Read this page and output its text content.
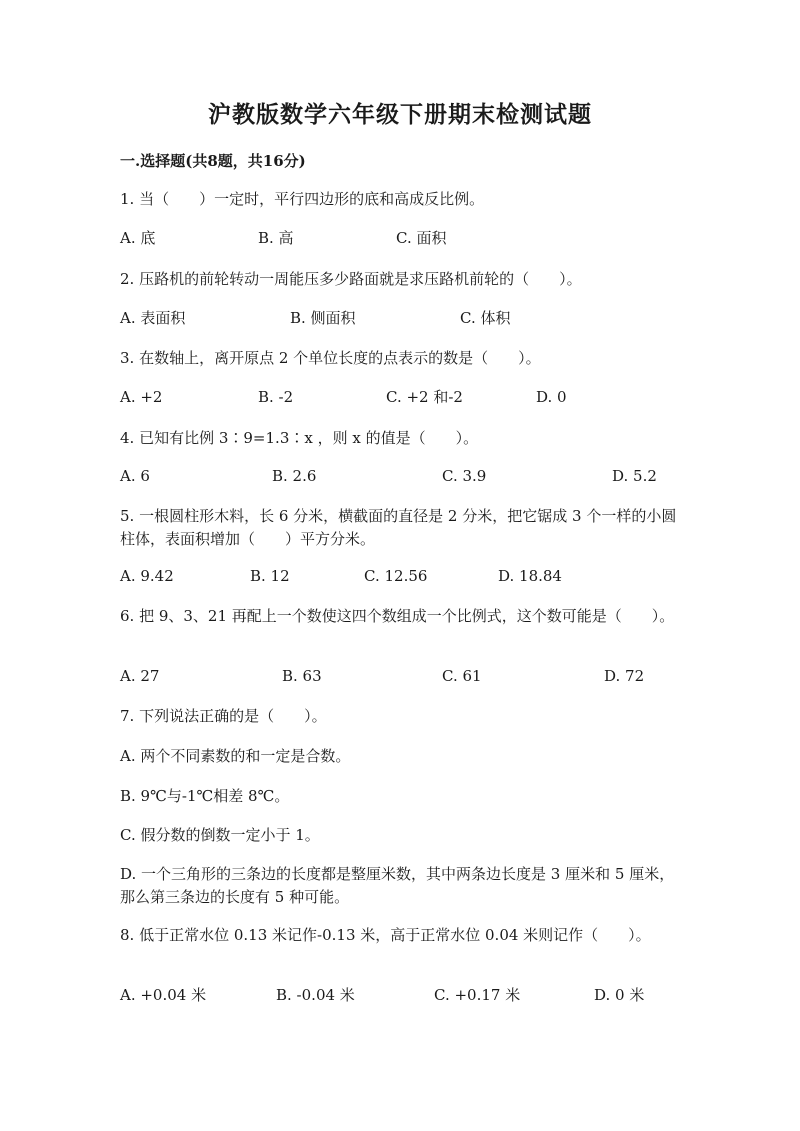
沪教版数学六年级下册期末检测试题
一.选择题(共8题，共16分)
1. 当（　　）一定时，平行四边形的底和高成反比例。
A. 底	B. 高	C. 面积
2. 压路机的前轮转动一周能压多少路面就是求压路机前轮的（　　）。
A. 表面积	B. 侧面积	C. 体积
3. 在数轴上，离开原点 2 个单位长度的点表示的数是（　　）。
A. +2	B. -2	C. +2 和-2	D. 0
4. 已知有比例 3∶9=1.3∶x ，则 x 的值是（　　）。
A. 6	B. 2.6	C. 3.9	D. 5.2
5. 一根圆柱形木料，长 6 分米，横截面的直径是 2 分米，把它锯成 3 个一样的小圆柱体，表面积增加（　　）平方分米。
A. 9.42	B. 12	C. 12.56	D. 18.84
6. 把 9、3、21 再配上一个数使这四个数组成一个比例式，这个数可能是（　　）。
A. 27	B. 63	C. 61	D. 72
7. 下列说法正确的是（　　）。
A. 两个不同素数的和一定是合数。
B. 9℃与-1℃相差 8℃。
C. 假分数的倒数一定小于 1。
D. 一个三角形的三条边的长度都是整厘米数，其中两条边长度是 3 厘米和 5 厘米，那么第三条边的长度有 5 种可能。
8. 低于正常水位 0.13 米记作-0.13 米，高于正常水位 0.04 米则记作（　　）。
A. +0.04 米	B. -0.04 米	C. +0.17 米	D. 0 米
